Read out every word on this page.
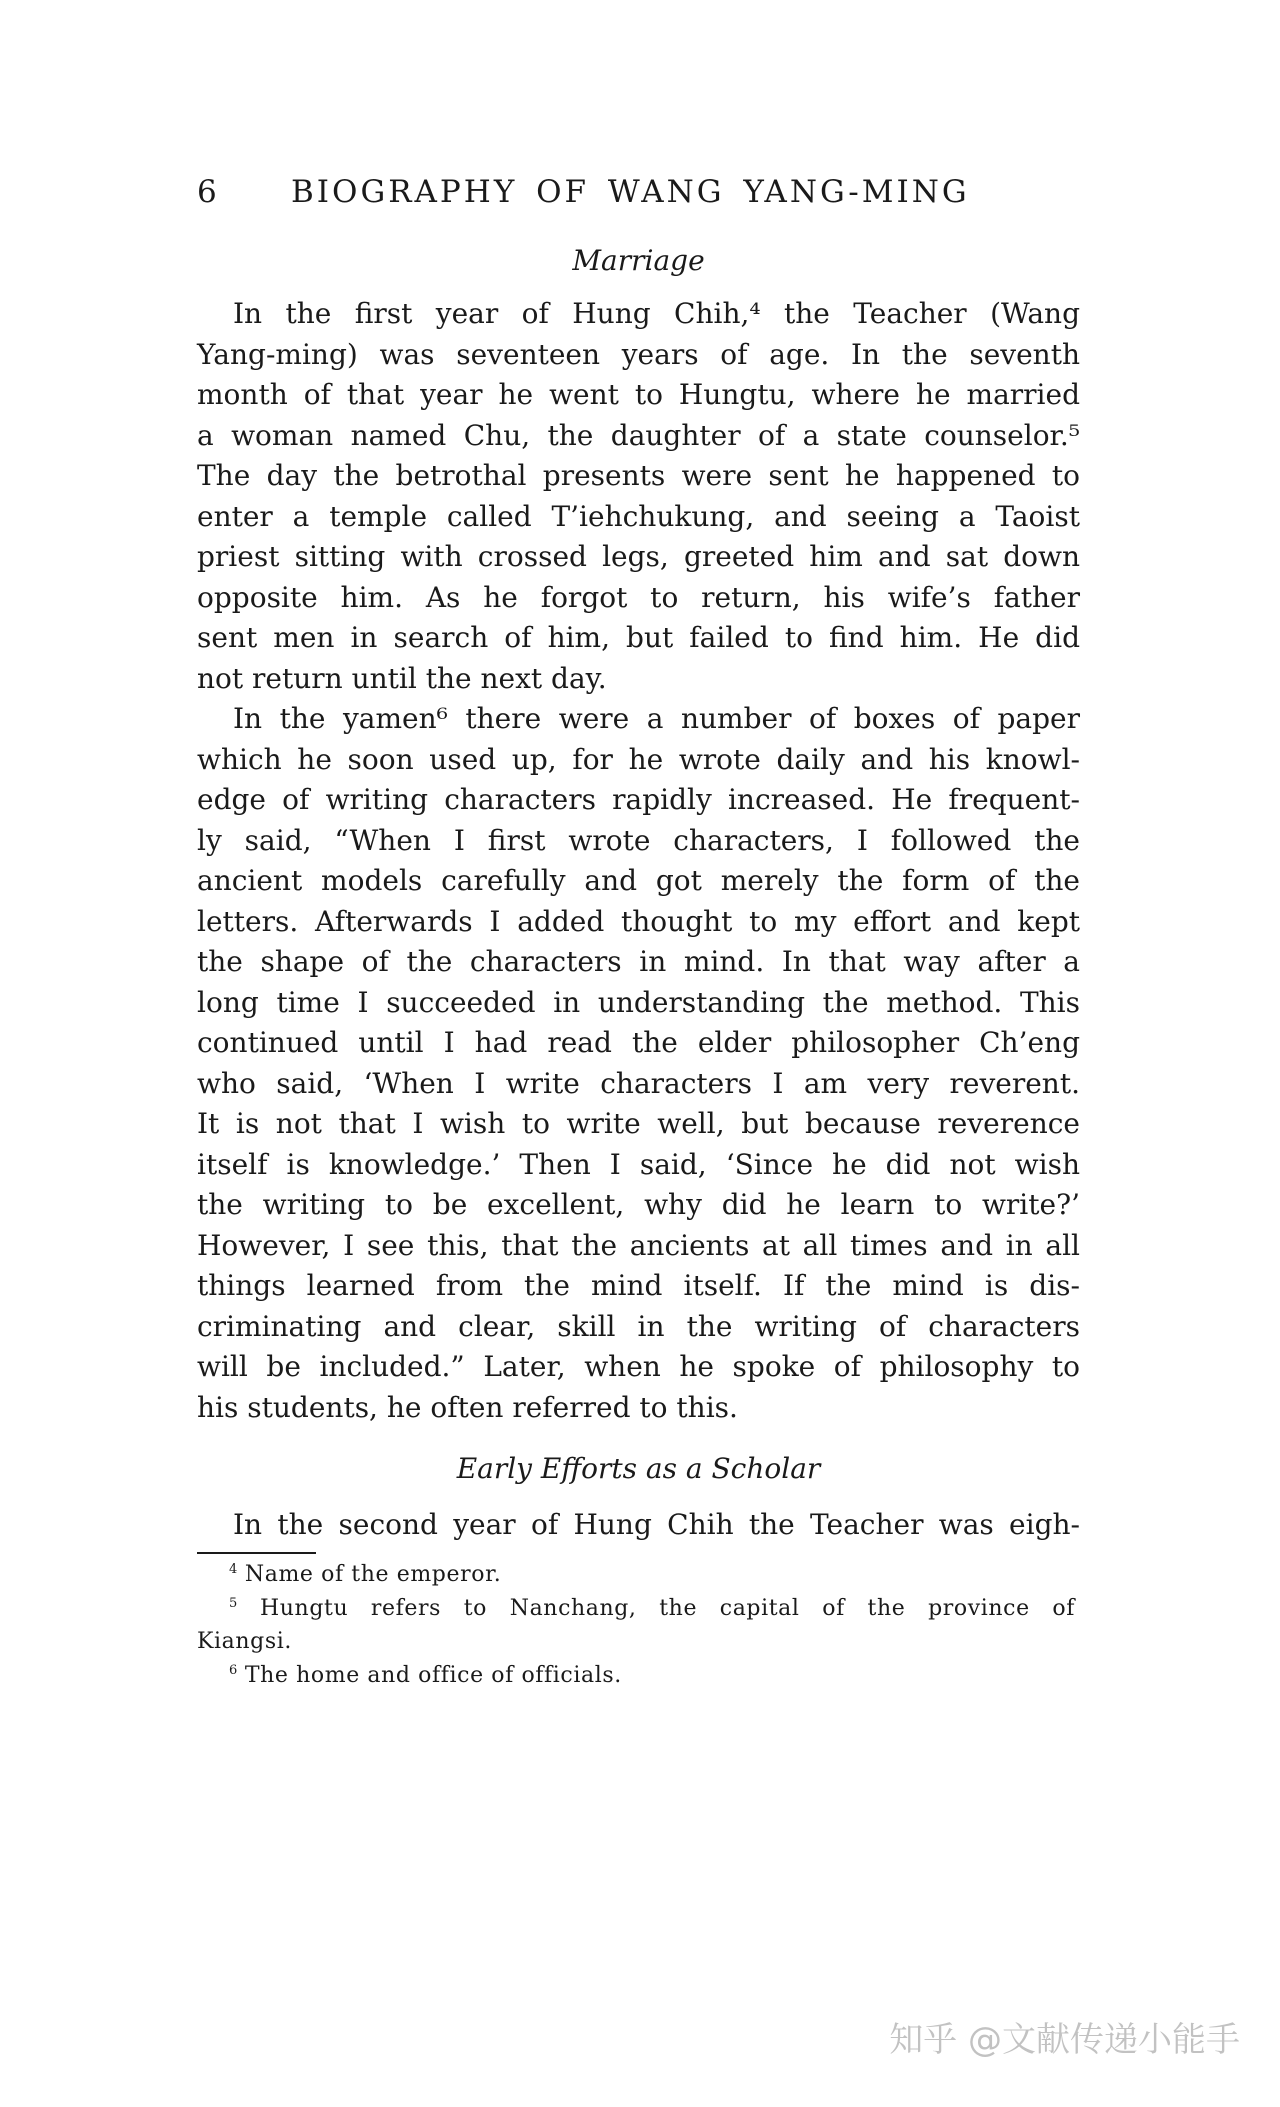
6 BIOGRAPHY OF WANG YANG-MING
Marriage
In the first year of Hung Chih,⁴ the Teacher (Wang
Yang-ming) was seventeen years of age. In the seventh
month of that year he went to Hungtu, where he married
a woman named Chu, the daughter of a state counselor.⁵
The day the betrothal presents were sent he happened to
enter a temple called T’iehchukung, and seeing a Taoist
priest sitting with crossed legs, greeted him and sat down
opposite him. As he forgot to return, his wife’s father
sent men in search of him, but failed to find him. He did
not return until the next day.
In the yamen⁶ there were a number of boxes of paper
which he soon used up, for he wrote daily and his knowl-
edge of writing characters rapidly increased. He frequent-
ly said, “When I first wrote characters, I followed the
ancient models carefully and got merely the form of the
letters. Afterwards I added thought to my effort and kept
the shape of the characters in mind. In that way after a
long time I succeeded in understanding the method. This
continued until I had read the elder philosopher Ch’eng
who said, ‘When I write characters I am very reverent.
It is not that I wish to write well, but because reverence
itself is knowledge.’ Then I said, ‘Since he did not wish
the writing to be excellent, why did he learn to write?’
However, I see this, that the ancients at all times and in all
things learned from the mind itself. If the mind is dis-
criminating and clear, skill in the writing of characters
will be included.” Later, when he spoke of philosophy to
his students, he often referred to this.
Early Efforts as a Scholar
In the second year of Hung Chih the Teacher was eigh-
$^4$ Name of the emperor.
$^5$ Hungtu refers to Nanchang, the capital of the province of
Kiangsi.
$^6$ The home and office of officials.
知乎 @文献传递小能手
